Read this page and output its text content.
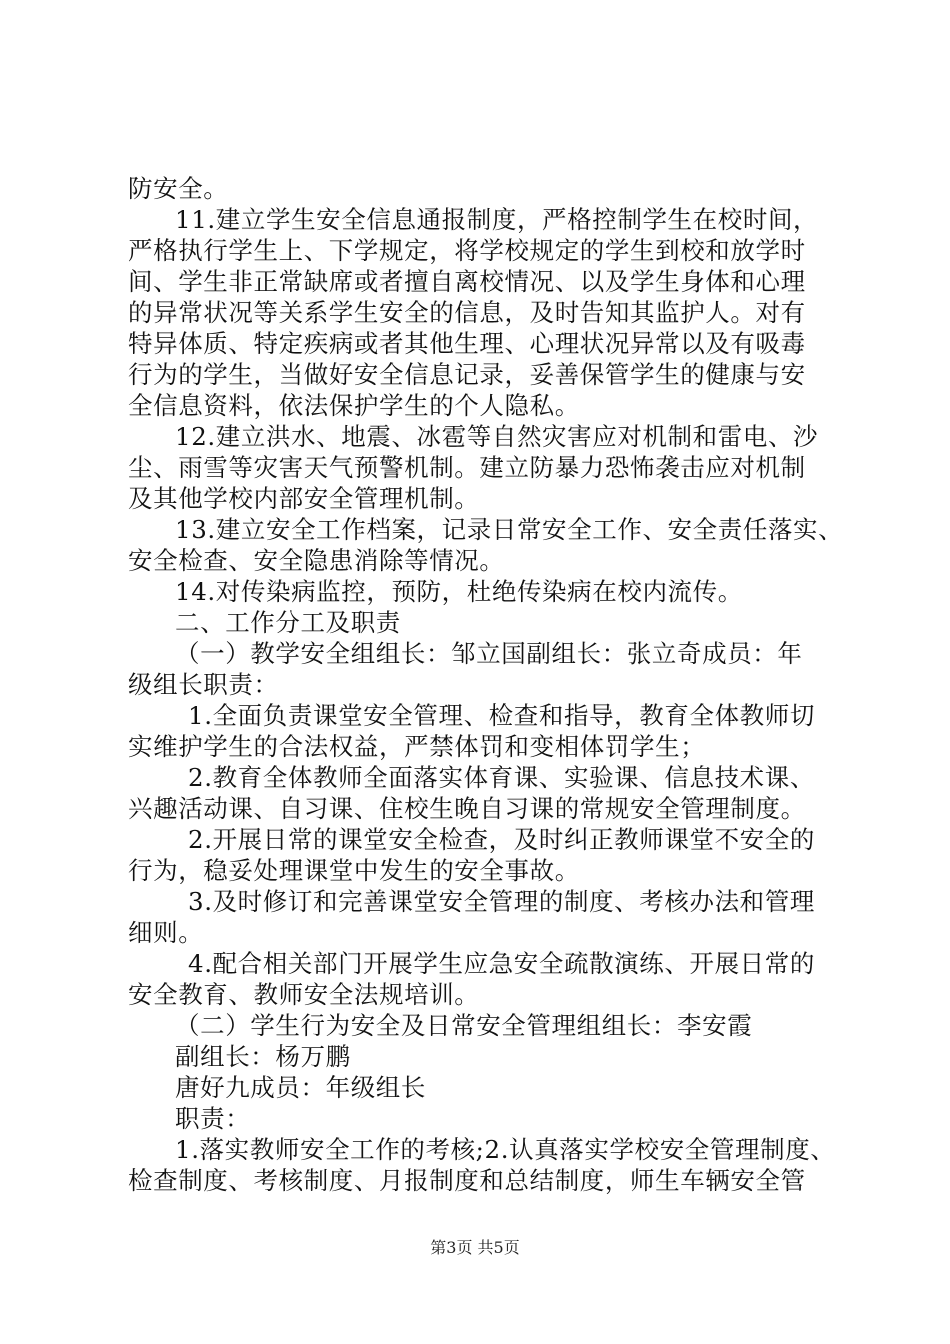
防安全。
11.建立学生安全信息通报制度，严格控制学生在校时间，
严格执行学生上、下学规定，将学校规定的学生到校和放学时
间、学生非正常缺席或者擅自离校情况、以及学生身体和心理
的异常状况等关系学生安全的信息，及时告知其监护人。对有
特异体质、特定疾病或者其他生理、心理状况异常以及有吸毒
行为的学生，当做好安全信息记录，妥善保管学生的健康与安
全信息资料，依法保护学生的个人隐私。
12.建立洪水、地震、冰雹等自然灾害应对机制和雷电、沙
尘、雨雪等灾害天气预警机制。建立防暴力恐怖袭击应对机制
及其他学校内部安全管理机制。
13.建立安全工作档案，记录日常安全工作、安全责任落实、
安全检查、安全隐患消除等情况。
14.对传染病监控，预防，杜绝传染病在校内流传。
二、工作分工及职责
（一）教学安全组组长：邹立国副组长：张立奇成员：年
级组长职责：
1.全面负责课堂安全管理、检查和指导，教育全体教师切
实维护学生的合法权益，严禁体罚和变相体罚学生；
2.教育全体教师全面落实体育课、实验课、信息技术课、
兴趣活动课、自习课、住校生晚自习课的常规安全管理制度。
2.开展日常的课堂安全检查，及时纠正教师课堂不安全的
行为，稳妥处理课堂中发生的安全事故。
3.及时修订和完善课堂安全管理的制度、考核办法和管理
细则。
4.配合相关部门开展学生应急安全疏散演练、开展日常的
安全教育、教师安全法规培训。
（二）学生行为安全及日常安全管理组组长：李安霞
副组长：杨万鹏
唐好九成员：年级组长
职责：
1.落实教师安全工作的考核;2.认真落实学校安全管理制度、
检查制度、考核制度、月报制度和总结制度，师生车辆安全管
第3页 共5页
